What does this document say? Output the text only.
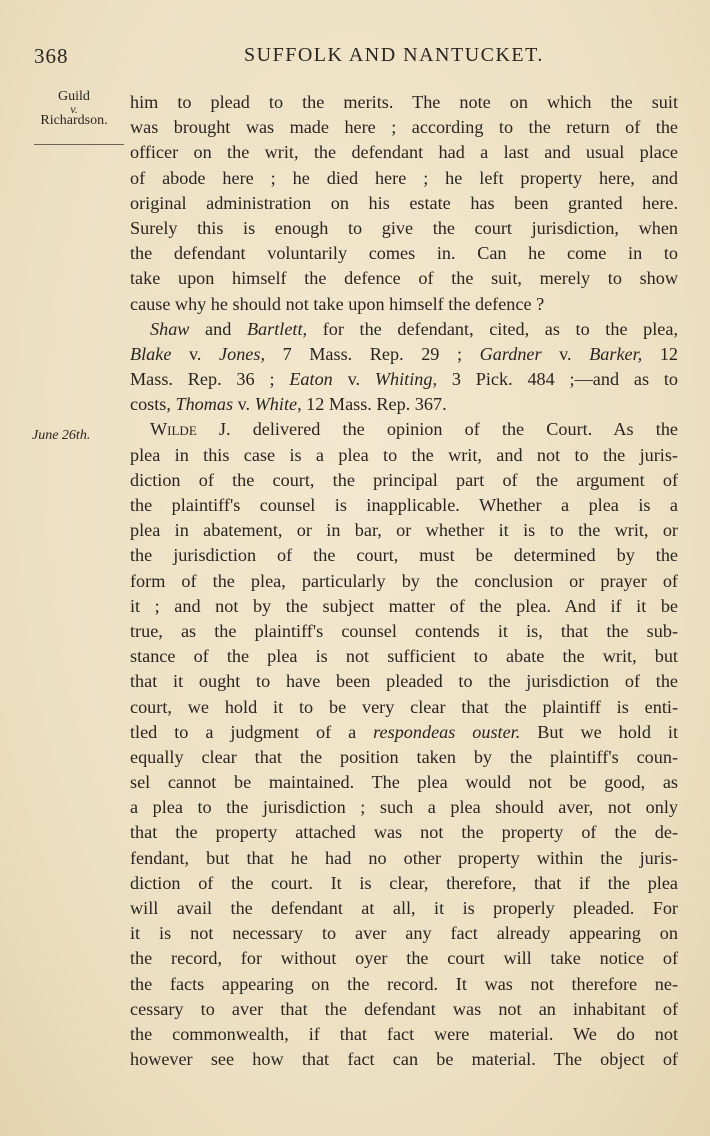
368	SUFFOLK AND NANTUCKET.
Guild
v.
Richardson.
June 26th.
him to plead to the merits. The note on which the suit
was brought was made here ; according to the return of the
officer on the writ, the defendant had a last and usual place
of abode here ; he died here ; he left property here, and
original administration on his estate has been granted here.
Surely this is enough to give the court jurisdiction, when
the defendant voluntarily comes in. Can he come in to
take upon himself the defence of the suit, merely to show
cause why he should not take upon himself the defence ?
Shaw and Bartlett, for the defendant, cited, as to the plea,
Blake v. Jones, 7 Mass. Rep. 29 ; Gardner v. Barker, 12
Mass. Rep. 36 ; Eaton v. Whiting, 3 Pick. 484 ;—and as to
costs, Thomas v. White, 12 Mass. Rep. 367.
Wilde J. delivered the opinion of the Court. As the
plea in this case is a plea to the writ, and not to the juris-
diction of the court, the principal part of the argument of
the plaintiff's counsel is inapplicable. Whether a plea is a
plea in abatement, or in bar, or whether it is to the writ, or
the jurisdiction of the court, must be determined by the
form of the plea, particularly by the conclusion or prayer of
it ; and not by the subject matter of the plea. And if it be
true, as the plaintiff's counsel contends it is, that the sub-
stance of the plea is not sufficient to abate the writ, but
that it ought to have been pleaded to the jurisdiction of the
court, we hold it to be very clear that the plaintiff is enti-
tled to a judgment of a respondeas ouster. But we hold it
equally clear that the position taken by the plaintiff's coun-
sel cannot be maintained. The plea would not be good, as
a plea to the jurisdiction ; such a plea should aver, not only
that the property attached was not the property of the de-
fendant, but that he had no other property within the juris-
diction of the court. It is clear, therefore, that if the plea
will avail the defendant at all, it is properly pleaded. For
it is not necessary to aver any fact already appearing on
the record, for without oyer the court will take notice of
the facts appearing on the record. It was not therefore ne-
cessary to aver that the defendant was not an inhabitant of
the commonwealth, if that fact were material. We do not
however see how that fact can be material. The object of
